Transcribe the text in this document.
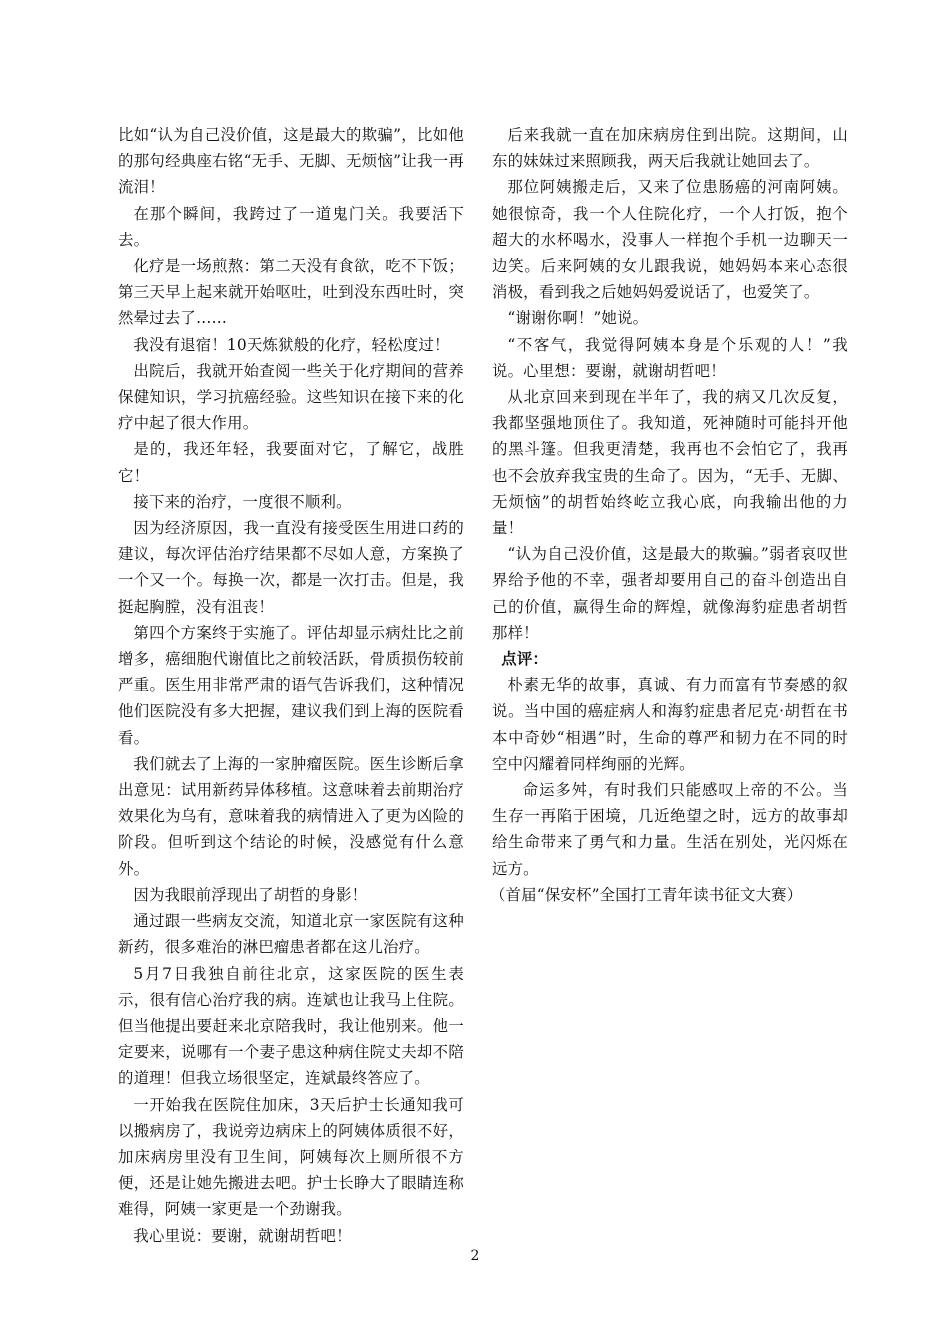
比如“认为自己没价值，这是最大的欺骗”，比如他的那句经典座右铭“无手、无脚、无烦恼”让我一再流泪！

在那个瞬间，我跨过了一道鬼门关。我要活下去。

化疗是一场煎熬：第二天没有食欲，吃不下饭；第三天早上起来就开始呕吐，吐到没东西吐时，突然晕过去了……

我没有退宿！10天炼狱般的化疗，轻松度过！

出院后，我就开始查阅一些关于化疗期间的营养保健知识，学习抗癌经验。这些知识在接下来的化疗中起了很大作用。

是的，我还年轻，我要面对它，了解它，战胜它！

接下来的治疗，一度很不顺利。

因为经济原因，我一直没有接受医生用进口药的建议，每次评估治疗结果都不尽如人意，方案换了一个又一个。每换一次，都是一次打击。但是，我挺起胸膛，没有沮丧！

第四个方案终于实施了。评估却显示病灶比之前增多，癌细胞代谢值比之前较活跃，骨质损伤较前严重。医生用非常严肃的语气告诉我们，这种情况他们医院没有多大把握，建议我们到上海的医院看看。

我们就去了上海的一家肿瘤医院。医生诊断后拿出意见：试用新药异体移植。这意味着去前期治疗效果化为乌有，意味着我的病情进入了更为凶险的阶段。但听到这个结论的时候，没感觉有什么意外。

因为我眼前浮现出了胡哲的身影！

通过跟一些病友交流，知道北京一家医院有这种新药，很多难治的淋巴瘤患者都在这儿治疗。

5月7日我独自前往北京，这家医院的医生表示，很有信心治疗我的病。连斌也让我马上住院。但当他提出要赶来北京陪我时，我让他别来。他一定要来，说哪有一个妻子患这种病住院丈夫却不陪的道理！但我立场很坚定，连斌最终答应了。

一开始我在医院住加床，3天后护士长通知我可以搬病房了，我说旁边病床上的阿姨体质很不好，加床病房里没有卫生间，阿姨每次上厕所很不方便，还是让她先搬进去吧。护士长睁大了眼睛连称难得，阿姨一家更是一个劲谢我。

我心里说：要谢，就谢胡哲吧！

后来我就一直在加床病房住到出院。这期间，山东的妹妹过来照顾我，两天后我就让她回去了。

那位阿姨搬走后，又来了位患肠癌的河南阿姨。她很惊奇，我一个人住院化疗，一个人打饭，抱个超大的水杯喝水，没事人一样抱个手机一边聊天一边笑。后来阿姨的女儿跟我说，她妈妈本来心态很消极，看到我之后她妈妈爱说话了，也爱笑了。

“谢谢你啊！”她说。

“不客气，我觉得阿姨本身是个乐观的人！”我说。心里想：要谢，就谢胡哲吧！

从北京回来到现在半年了，我的病又几次反复，我都坚强地顶住了。我知道，死神随时可能抖开他的黑斗篷。但我更清楚，我再也不会怕它了，我再也不会放弃我宝贵的生命了。因为，“无手、无脚、无烦恼”的胡哲始终屹立我心底，向我输出他的力量！

“认为自己没价值，这是最大的欺骗。”弱者哀叹世界给予他的不幸，强者却要用自己的奋斗创造出自己的价值，赢得生命的辉煌，就像海豹症患者胡哲那样！

点评：

朴素无华的故事，真诚、有力而富有节奏感的叙说。当中国的癌症病人和海豹症患者尼克·胡哲在书本中奇妙“相遇”时，生命的尊严和韧力在不同的时空中闪耀着同样绚丽的光辉。

命运多舛，有时我们只能感叹上帝的不公。当生存一再陷于困境，几近绝望之时，远方的故事却给生命带来了勇气和力量。生活在别处，光闪烁在远方。

（首届“保安杯”全国打工青年读书征文大赛）

2
